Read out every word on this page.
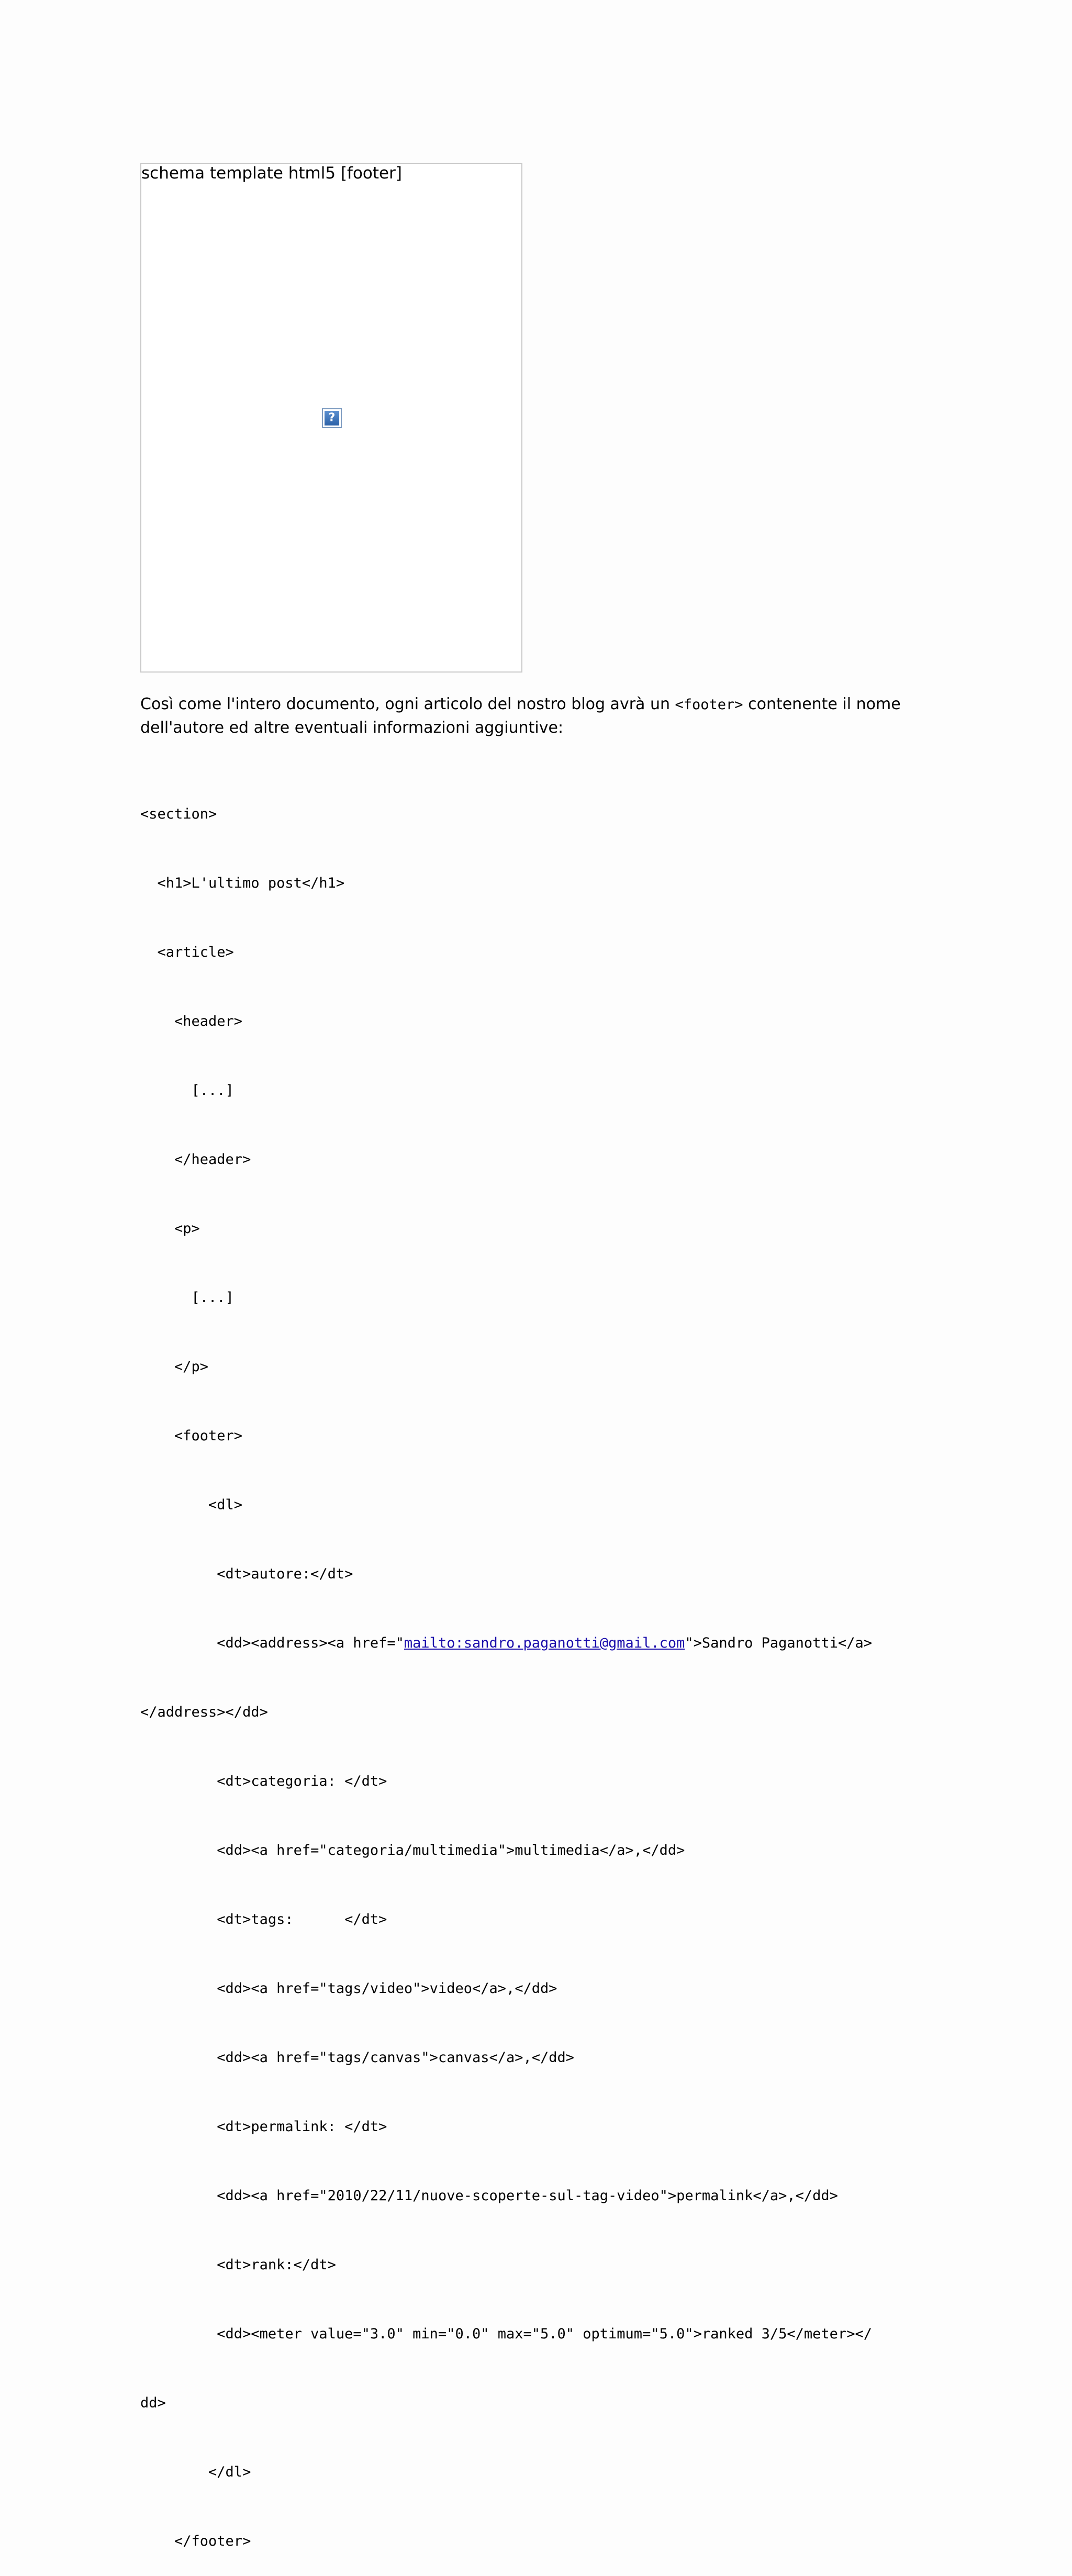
schema template html5 [footer]
?

Così come l'intero documento, ogni articolo del nostro blog avrà un <footer> contenente il nome dell'autore ed altre eventuali informazioni aggiuntive:

<section>

<h1>L'ultimo post</h1>

<article>

<header>

[...]

</header>

<p>

[...]

</p>

<footer>

<dl>

<dt>autore:</dt>

<dd><address><a href="mailto:sandro.paganotti@gmail.com">Sandro Paganotti</a>

</address></dd>

<dt>categoria: </dt>

<dd><a href="categoria/multimedia">multimedia</a>,</dd>

<dt>tags:      </dt>

<dd><a href="tags/video">video</a>,</dd>

<dd><a href="tags/canvas">canvas</a>,</dd>

<dt>permalink: </dt>

<dd><a href="2010/22/11/nuove-scoperte-sul-tag-video">permalink</a>,</dd>

<dt>rank:</dt>

<dd><meter value="3.0" min="0.0" max="5.0" optimum="5.0">ranked 3/5</meter></

dd>

</dl>

</footer>
